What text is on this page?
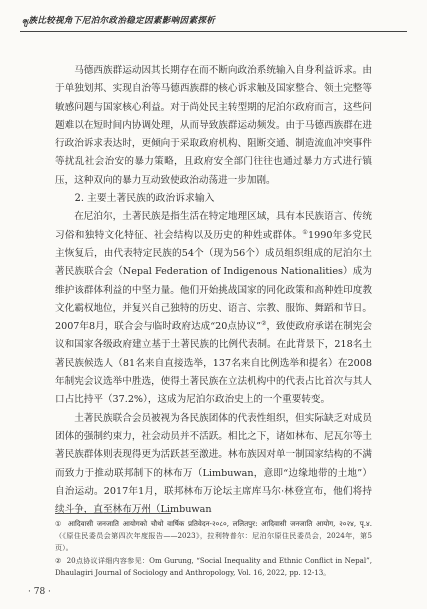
ၛ族比较视角下尼泊尔政治稳定因素影响因素探析

马德西族群运动因其长期存在而不断向政治系统输入自身利益诉求。由于单独划邦、实现自治等马德西族群的核心诉求触及国家整合、领土完整等敏感问题与国家核心利益。对于尚处民主转型期的尼泊尔政府而言，这些问题难以在短时间内协调处理，从而导致族群运动频发。由于马德西族群在进行政治诉求表达时，更倾向于采取政府机构、阻断交通、制造流血冲突事件等扰乱社会治安的暴力策略，且政府安全部门往往也通过暴力方式进行镇压，这种双向的暴力互动致使政治动荡进一步加剧。

2. 主要土著民族的政治诉求输入

在尼泊尔，土著民族是指生活在特定地理区域，具有本民族语言、传统习俗和独特文化特征、社会结构以及历史的种姓或群体。①1990年多党民主恢复后，由代表特定民族的54个（现为56个）成员组织组成的尼泊尔土著民族联合会（Nepal Federation of Indigenous Nationalities）成为维护该群体利益的中坚力量。他们开始挑战国家的同化政策和高种姓印度教文化霸权地位，并复兴自己独特的历史、语言、宗教、服饰、舞蹈和节日。2007年8月，联合会与临时政府达成“20点协议”②，致使政府承诺在制宪会议和国家各级政府建立基于土著民族的比例代表制。在此背景下，218名土著民族候选人（81名来自直接选举，137名来自比例选举和提名）在2008年制宪会议选举中胜选，使得土著民族在立法机构中的代表占比首次与其人口占比持平（37.2%），这成为尼泊尔政治史上的一个重要转变。

土著民族联合会员被视为各民族团体的代表性组织，但实际缺乏对成员团体的强制约束力，社会动员并不活跃。相比之下，诸如林布、尼瓦尔等土著民族群体则表现得更为活跃甚至激进。林布族因对单一制国家结构的不满而致力于推动联邦制下的林布万（Limbuwan，意即“边缘地带的土地”）自治运动。2017年1月，联邦林布万论坛主席库马尔·林登宣布，他们将持续斗争，直至林布万州（Limbuwan

① आदिवासी जनजाति आयोगको चौथो वार्षिक प्रतिवेदन-२०८०, ललितपुर: आदिवासी जनजाति आयोग, २०२४, पृ.४.（《原住民委员会第四次年度报告——2023》，拉利特普尔：尼泊尔原住民委员会，2024年，第5页）。

② 20点协议详细内容参见：Om Gurung, “Social Inequality and Ethnic Conflict in Nepal”, Dhaulagiri Journal of Sociology and Anthropology, Vol. 16, 2022, pp. 12-13。

· 78 ·
